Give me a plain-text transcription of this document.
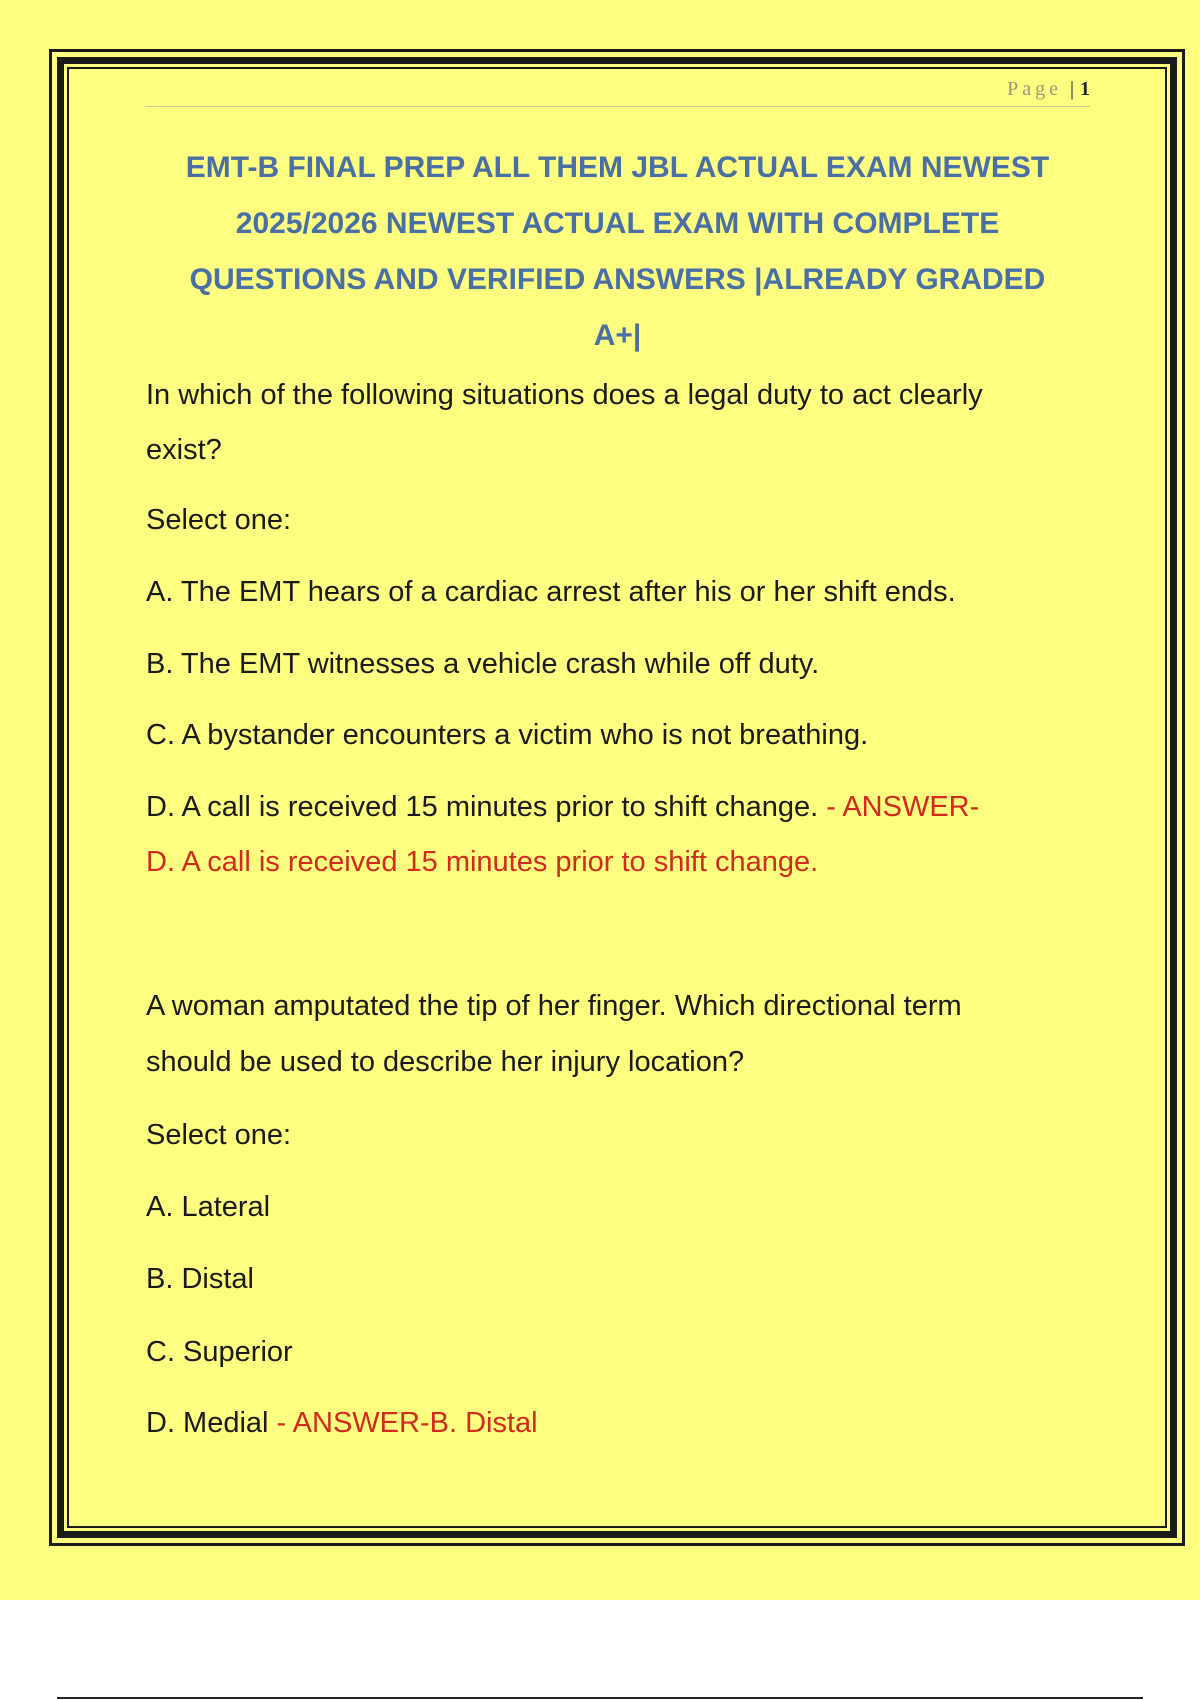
Page | 1
EMT-B FINAL PREP ALL THEM JBL ACTUAL EXAM NEWEST
2025/2026 NEWEST ACTUAL EXAM WITH COMPLETE
QUESTIONS AND VERIFIED ANSWERS |ALREADY GRADED
A+|
In which of the following situations does a legal duty to act clearly
exist?
Select one:
A. The EMT hears of a cardiac arrest after his or her shift ends.
B. The EMT witnesses a vehicle crash while off duty.
C. A bystander encounters a victim who is not breathing.
D. A call is received 15 minutes prior to shift change. - ANSWER-
D. A call is received 15 minutes prior to shift change.
A woman amputated the tip of her finger. Which directional term
should be used to describe her injury location?
Select one:
A. Lateral
B. Distal
C. Superior
D. Medial - ANSWER-B. Distal
